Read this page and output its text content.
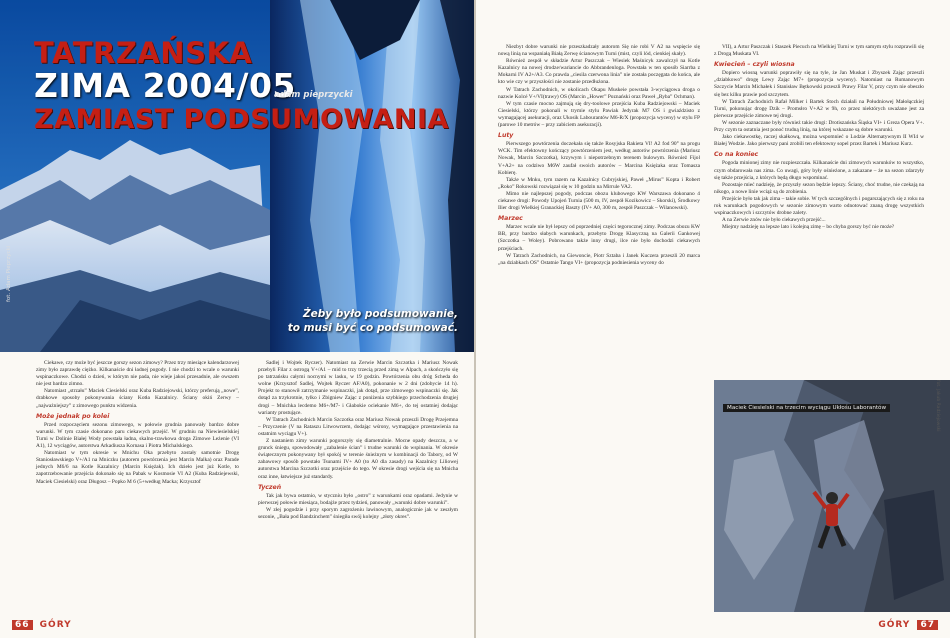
TATRZAŃSKA
ZIMA 2004/05
ZAMIAST PODSUMOWANIA
adam pieprzycki
fot. Adam Pieprzycki
Żeby było podsumowanie,
to musi być co podsumować.

Ciekawe, czy może być jeszcze gorszy sezon zimowy? Przez trzy miesiące kalendarzowej zimy było zaprawdę ciężko. Kilkanaście dni ładnej pogody. I nie chodzi to wcale o warunki wspinaczkowe. Chodzi o dzień, w którym nie pada, nie wieje jakoś przesadnie, ale owszem nie jest bardzo zimno.

Natomiast „strzału” Maciek Ciesielski oraz Kuba Radziejowski, którzy preferują „nowe”, drabkowe sposoby pokonywania ściany Kotła Kazalnicy. Ściany okiń Zerwy – „najważniejszy” z zimowego punktu widzenia.

Może jednak po kolei

Przed rozpoczęciem sezonu zimowego, w połowie grudnia panowały bardzo dobre warunki. W tym czasie dokonano paru ciekawych przejść. W grudniu na Niewiesielskiej Turni w Dolinie Białej Wody powstała ładna, skalno-trawkowa droga Zimowe Leżenie (VI A1), 12 wyciągów, autorstwa Arkadiusza Kornasa i Piotra Michalskiego.

Natomiast w tym okresie w Mnichu Oka przebyto zostały samotnie Drogę Staniosławskiego V+/A1 na Mniczku (autorem powtórzenia jest Marcin Malka) oraz Parade jednych M6/6 na Kotle Kazalnicy (Marcin Księżak). Ich dzieło jest już Kotle, to zapotrzebowanie przejścia dokonało się na Pabak w Kosmosie VI A2 (Kuba Radziejewski, Maciek Ciesielski) oraz Długosz – Popko M 6 (5+według Macka; Krzysztof

Sadlej i Wojtek Ryczer). Natomiast na Zerwie Marcin Szczotka i Mariusz Nowak przebyli Filar z ostrogą V+/A1 – mid to trzy trzecią przed zimą w Alpach, a skończyło się po tatrzańsku całymi nocnymi w lasku, w 19 godzin. Powtórzenia obu dróg Scheda do wolne (Krzysztof Sadlej, Wojtek Ryczer AF/A0), pokonanie w 2 dni (zdobycie 14 h). Projekt to stanowił zatrzymanie wspinaczki, jak dotąd, prze zimowego wspinaczki się. Jak dotąd za trzykrotnie, tylko i Zbigniew Zając z poniżenia szybkiego przechodzenia drugiej drogi – Mnichka lecdemo M6+/M7- i Głabokie ociekanie M6+, do tej ostatniej dodając warianty prostujące.

W Tatrach Zachodnich Marcin Szczotka oraz Mariusz Nowak przeszli Drogę Przejemna – Przyczenie (V na Rataszu Litwowrzem, dodając wśrony, wymagające przestawienia na ostatnim wyciągu V+).

Z nastaniem zimy warunki pogorszyły się diametralnie. Mocne opady deszczu, a w grunck śniegu, spowodowały „zabalenie ścian” i trudne warunki do wspinania. W okresie świątecznym pokonywany był spokój w terenie śnieżnym w kombinacji do Tabory, od W zabawowy sposób powstało Tsunami IV+ A0 (to A0 dla zasady) na Kazalnicy Liliowej autorstwa Marcina Szczotki oraz przejście do tego. W okresie drogi wejścia się na Mnicha oraz inne, łatwiejsze już standardy.

Tyczeń

Tak jak bywa ostatnio, w styczniu było „ostro” z warunkami oraz opadami. Jedynie w pierwszej połowie miesiąca, bodajże przez tydzień, panowały „warunki dobre warunki”.

W złej pogodzie i przy sporym zagrożeniu lawinowym, analogicznie jak w zeszłym sezonie, „Bała pod Bandzinchem” śniegiła swój kolejny „złoty okres”.

66 GÓRY

Niezbyt dobre warunki nie przeszkadzały autorom Się nie robi V A2 na wspięcie się nową linią na wspaniałą Białą Zerwę ścianowym Turni (mist, czyli lód, cienkiej skały).

Również zespół w składzie Artur Paszczak – Wiesiek Maśnicyk zawalczył na Kotle Kazalnicy na nowej drodze/wariancie do Abbrandenloga. Powstała w ten sposób Siarrba z Mokarni IV A2+/A3. Co prawda „ciesila czerwona linia” nie została poczęgata do końca, ale kto wie czy w przyszłości nie zostanie przedłużona.

W Tatrach Zachodnich, w okolicach Okapu Muskeie powstała 3-wyciągowa droga o nazwie Kolcé V+/VI(trawy) OS (Marcin „Hower” Poznański oraz Paweł „Ryba” Ochman).

W tym czasie mocno zajmują się dry-toolowe przejścia Kuba Radziejowski – Maciek Ciesielski, którzy pokonali w trymie stylu Pawiak Jedyrak M7 OS i gwiaździsto z wymagającej asekuracji, oraz Ukosik Labourantów M6-R/X (propozycja wyceny) w stylu FP (parowe 10 metrów – przy zabiciem asekuracji).

Luty

Pierwszego powtórzenia doczekała się także Rosyjska Rakieta VI! A2 fod 90° na progu WCK. Tim efektowny kończący powtórzeniem jest, według autorów powtórzenia (Mariusz Nowak, Marcin Szczotka), krzywym i niepotrzebnym terenem bulowym. Również Fijol V+A2+ na codziwo M6W zaufał swoich autorów – Marcina Księżaka oraz Tomasza Kobierę.

Także w Mnku, tym razem na Kazalnicy Cubryjskiej, Paweł „Mirus” Kopta i Robert „Roko” Rokowski rozwiązał się w 10 godzin na Mirrule VA2.

Mimo nie najlepszej pogody, podczas obozu klubowego KW Warszawa dokonano 4 ciekawe drogi: Powody Upojeń Turnia (500 m, IV, zespół Kozikowicz – Skorski), Środkowy Ilier drogi Wielkiej Granackiej Baszty (IV+ A0, 300 m, zespół Paszczak – Wilanowski).

Marzec

Marzec wcale nie był lepszy od poprzedniej części tegorocznej zimy. Podczas obozu KW BB, przy bardzo słabych warunkach, przebyto Drogę Klasyczną na Galerii Gankowej (Szczotka – Woley). Pobrowano także inny drugi, ilce nie było dochodzi ciekawych przejściach.

W Tatrach Zachodnich, na Giewoncie, Piotr Sztaba i Janek Kuczera przeszli 20 marca „na dziabkach OS” Ostatnie Tango VI+ (propozycja podniesienia wyceny do

VII), a Artur Paszczak i Staszek Piecuch na Wielkiej Turni w tym samym stylu rozprawili się z Drogą Muskata VI.

Kwiecień – czyli wiosna

Dopiero wiosną warunki poprawiły się na tyle, że Jan Muskat i Zbyszek Zając przeszli „dziabkowo” drogę Lewy Zając M7+ (propozycja wyceny). Natomiast na Rumanowym Szczycie Marcin Michałek i Stanisław Bętkowski przeszli Prawy Filar V, przy czym nie obeszło się bez kilku prawie pod szczytem.

W Tatrach Zachodnich Rafał Milker i Bartek Stoch działali na Południowej Małołączkiej Turni, pokonując drogę Dzik – Promsłro V+A2 w 9h, co przez niektórych uważane jest za pierwsze przejście zimowe tej drogi.

W sezonie zaznaczane były również takie drogi: Drotiszańska Śiąska VI+ i Greza Opera V+. Przy czym ta ostatnia jest ponoć trudną linią, na której wskazane są dobre warunki.

Jako ciekawostkę, raczej skałkową, można wspomnieć o Lodzie Alternatywnym II WI4 w Białej Wodzie. Jako pierwszy pani zrobili ten efektowny sopel przez Bartek i Mariusz Kurz.

Co na koniec

Pogoda minionej zimy nie rozpieszczała. Kilkanaście dni zimowych warunków to wszystko, czym obdarowała nas zima. Co uwagi, góry były ośnieżone, a zakazane – że na sezon zdarzyły się także przejścia, z których będą długo wspominać.

Pozostaje mieć nadzieję, że przyszły sezon będzie lepszy. Ściany, choć trudne, nie czekają na nikogo, a nowe linie wciąż są do zrobienia.

Przejście było tak jak zima – takie sobie. W tych szczególnych i pogarszających się z roku na rok warunkach pogodowych w sezonie zimowym warto odnotować znaną drogę wszystkich wspinaczkowych i szczytów drobne zalety.

A na Zerwie znów nie było ciekawych przejść...

Miejmy nadzieję na lepsze lato i kolejną zimę – bo chyba gorszy być nie może?

Maciek Ciesielski na trzecim wyciągu Ukłośu Laborantów	fot. Jakub Radziejowski
GÓRY 67
